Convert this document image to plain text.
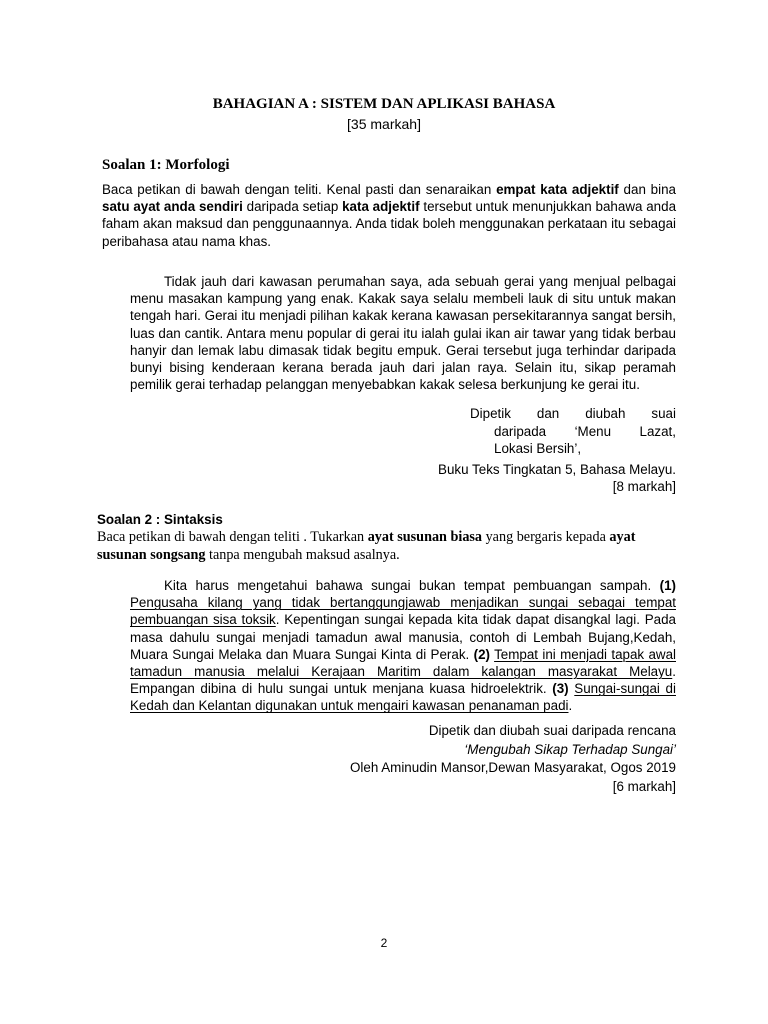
BAHAGIAN A : SISTEM DAN APLIKASI BAHASA
[35 markah]
Soalan 1: Morfologi
Baca petikan di bawah dengan teliti. Kenal pasti dan senaraikan empat kata adjektif dan bina satu ayat anda sendiri daripada setiap kata adjektif tersebut untuk menunjukkan bahawa anda faham akan maksud dan penggunaannya. Anda tidak boleh menggunakan perkataan itu sebagai peribahasa atau nama khas.
Tidak jauh dari kawasan perumahan saya, ada sebuah gerai yang menjual pelbagai menu masakan kampung yang enak. Kakak saya selalu membeli lauk di situ untuk makan tengah hari. Gerai itu menjadi pilihan kakak kerana kawasan persekitarannya sangat bersih, luas dan cantik. Antara menu popular di gerai itu ialah gulai ikan air tawar yang tidak berbau hanyir dan lemak labu dimasak tidak begitu empuk. Gerai tersebut juga terhindar daripada bunyi bising kenderaan kerana berada jauh dari jalan raya. Selain itu, sikap peramah pemilik gerai terhadap pelanggan menyebabkan kakak selesa berkunjung ke gerai itu.
Dipetik dan diubah suai
daripada ‘Menu Lazat,
Lokasi Bersih’,
Buku Teks Tingkatan 5, Bahasa Melayu.
[8 markah]
Soalan 2 : Sintaksis
Baca petikan di bawah dengan teliti . Tukarkan ayat susunan biasa yang bergaris kepada ayat susunan songsang tanpa mengubah maksud asalnya.
Kita harus mengetahui bahawa sungai bukan tempat pembuangan sampah. (1) Pengusaha kilang yang tidak bertanggungjawab menjadikan sungai sebagai tempat pembuangan sisa toksik. Kepentingan sungai kepada kita tidak dapat disangkal lagi. Pada masa dahulu sungai menjadi tamadun awal manusia, contoh di Lembah Bujang,Kedah, Muara Sungai Melaka dan Muara Sungai Kinta di Perak. (2) Tempat ini menjadi tapak awal tamadun manusia melalui Kerajaan Maritim dalam kalangan masyarakat Melayu. Empangan dibina di hulu sungai untuk menjana kuasa hidroelektrik. (3) Sungai-sungai di Kedah dan Kelantan digunakan untuk mengairi kawasan penanaman padi.
Dipetik dan diubah suai daripada rencana
‘Mengubah Sikap Terhadap Sungai’
Oleh Aminudin Mansor,Dewan Masyarakat, Ogos 2019
[6 markah]
2
